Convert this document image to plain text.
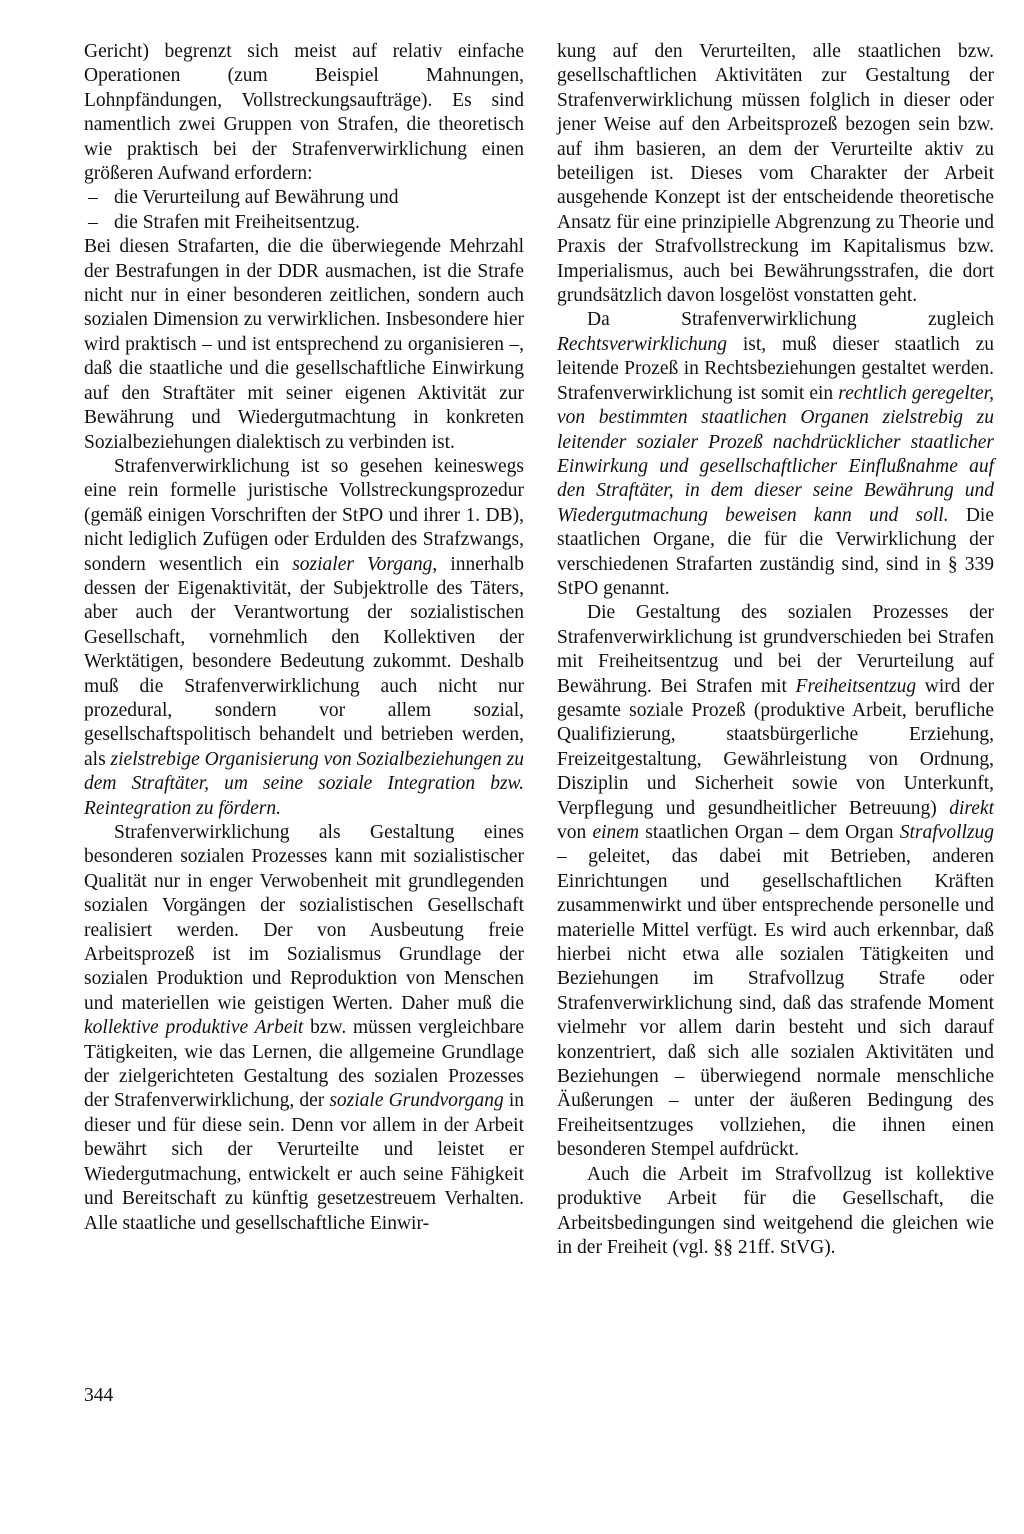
Gericht) begrenzt sich meist auf relativ einfache Operationen (zum Beispiel Mahnungen, Lohnpfändungen, Vollstreckungsaufträge). Es sind namentlich zwei Gruppen von Strafen, die theoretisch wie praktisch bei der Strafenverwirklichung einen größeren Aufwand erfordern:

– die Verurteilung auf Bewährung und
– die Strafen mit Freiheitsentzug.

Bei diesen Strafarten, die die überwiegende Mehrzahl der Bestrafungen in der DDR ausmachen, ist die Strafe nicht nur in einer besonderen zeitlichen, sondern auch sozialen Dimension zu verwirklichen. Insbesondere hier wird praktisch – und ist entsprechend zu organisieren –, daß die staatliche und die gesellschaftliche Einwirkung auf den Straftäter mit seiner eigenen Aktivität zur Bewährung und Wiedergutmachtung in konkreten Sozialbeziehungen dialektisch zu verbinden ist.

Strafenverwirklichung ist so gesehen keineswegs eine rein formelle juristische Vollstreckungsprozedur (gemäß einigen Vorschriften der StPO und ihrer 1. DB), nicht lediglich Zufügen oder Erdulden des Strafzwangs, sondern wesentlich ein sozialer Vorgang, innerhalb dessen der Eigenaktivität, der Subjektrolle des Täters, aber auch der Verantwortung der sozialistischen Gesellschaft, vornehmlich den Kollektiven der Werktätigen, besondere Bedeutung zukommt. Deshalb muß die Strafenverwirklichung auch nicht nur prozedural, sondern vor allem sozial, gesellschaftspolitisch behandelt und betrieben werden, als zielstrebige Organisierung von Sozialbeziehungen zu dem Straftäter, um seine soziale Integration bzw. Reintegration zu fördern.

Strafenverwirklichung als Gestaltung eines besonderen sozialen Prozesses kann mit sozialistischer Qualität nur in enger Verwobenheit mit grundlegenden sozialen Vorgängen der sozialistischen Gesellschaft realisiert werden. Der von Ausbeutung freie Arbeitsprozeß ist im Sozialismus Grundlage der sozialen Produktion und Reproduktion von Menschen und materiellen wie geistigen Werten. Daher muß die kollektive produktive Arbeit bzw. müssen vergleichbare Tätigkeiten, wie das Lernen, die allgemeine Grundlage der zielgerichteten Gestaltung des sozialen Prozesses der Strafenverwirklichung, der soziale Grundvorgang in dieser und für diese sein. Denn vor allem in der Arbeit bewährt sich der Verurteilte und leistet er Wiedergutmachung, entwickelt er auch seine Fähigkeit und Bereitschaft zu künftig gesetzestreuem Verhalten. Alle staatliche und gesellschaftliche Einwir-

kung auf den Verurteilten, alle staatlichen bzw. gesellschaftlichen Aktivitäten zur Gestaltung der Strafenverwirklichung müssen folglich in dieser oder jener Weise auf den Arbeitsprozeß bezogen sein bzw. auf ihm basieren, an dem der Verurteilte aktiv zu beteiligen ist. Dieses vom Charakter der Arbeit ausgehende Konzept ist der entscheidende theoretische Ansatz für eine prinzipielle Abgrenzung zu Theorie und Praxis der Strafvollstreckung im Kapitalismus bzw. Imperialismus, auch bei Bewährungsstrafen, die dort grundsätzlich davon losgelöst vonstatten geht.

Da Strafenverwirklichung zugleich Rechtsverwirklichung ist, muß dieser staatlich zu leitende Prozeß in Rechtsbeziehungen gestaltet werden. Strafenverwirklichung ist somit ein rechtlich geregelter, von bestimmten staatlichen Organen zielstrebig zu leitender sozialer Prozeß nachdrücklicher staatlicher Einwirkung und gesellschaftlicher Einflußnahme auf den Straftäter, in dem dieser seine Bewährung und Wiedergutmachung beweisen kann und soll. Die staatlichen Organe, die für die Verwirklichung der verschiedenen Strafarten zuständig sind, sind in § 339 StPO genannt.

Die Gestaltung des sozialen Prozesses der Strafenverwirklichung ist grundverschieden bei Strafen mit Freiheitsentzug und bei der Verurteilung auf Bewährung. Bei Strafen mit Freiheitsentzug wird der gesamte soziale Prozeß (produktive Arbeit, berufliche Qualifizierung, staatsbürgerliche Erziehung, Freizeitgestaltung, Gewährleistung von Ordnung, Disziplin und Sicherheit sowie von Unterkunft, Verpflegung und gesundheitlicher Betreuung) direkt von einem staatlichen Organ – dem Organ Strafvollzug – geleitet, das dabei mit Betrieben, anderen Einrichtungen und gesellschaftlichen Kräften zusammenwirkt und über entsprechende personelle und materielle Mittel verfügt. Es wird auch erkennbar, daß hierbei nicht etwa alle sozialen Tätigkeiten und Beziehungen im Strafvollzug Strafe oder Strafenverwirklichung sind, daß das strafende Moment vielmehr vor allem darin besteht und sich darauf konzentriert, daß sich alle sozialen Aktivitäten und Beziehungen – überwiegend normale menschliche Äußerungen – unter der äußeren Bedingung des Freiheitsentzuges vollziehen, die ihnen einen besonderen Stempel aufdrückt.

Auch die Arbeit im Strafvollzug ist kollektive produktive Arbeit für die Gesellschaft, die Arbeitsbedingungen sind weitgehend die gleichen wie in der Freiheit (vgl. §§ 21ff. StVG).

344
